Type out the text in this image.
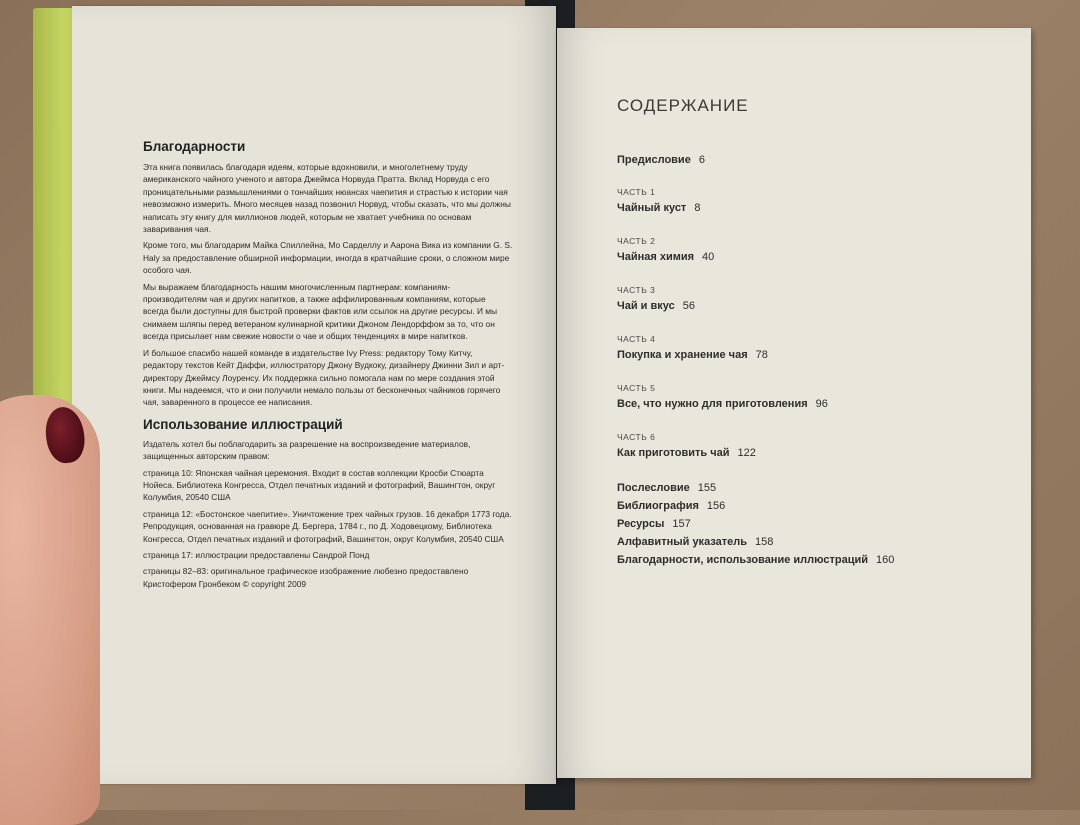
Благодарности

Эта книга появилась благодаря идеям, которые вдохновили, и многолетнему труду американского чайного ученого и автора Джеймса Норвуда Пратта. Вклад Норвуда с его проницательными размышлениями о тончайших нюансах чаепития и страстью к истории чая невозможно измерить. Много месяцев назад позвонил Норвуд, чтобы сказать, что мы должны написать эту книгу для миллионов людей, которым не хватает учебника по основам заваривания чая.

Кроме того, мы благодарим Майка Спиллейна, Мо Сарделлу и Аарона Вика из компании G. S. Haly за предоставление обширной информации, иногда в кратчайшие сроки, о сложном мире особого чая.

Мы выражаем благодарность нашим многочисленным партнерам: компаниям-производителям чая и других напитков, а также аффилированным компаниям, которые всегда были доступны для быстрой проверки фактов или ссылок на другие ресурсы. И мы снимаем шляпы перед ветераном кулинарной критики Джоном Лендорффом за то, что он всегда присылает нам свежие новости о чае и общих тенденциях в мире напитков.

И большое спасибо нашей команде в издательстве Ivy Press: редактору Тому Китчу, редактору текстов Кейт Даффи, иллюстратору Джону Вудкоку, дизайнеру Джинни Зил и арт-директору Джеймсу Лоуренсу. Их поддержка сильно помогала нам по мере создания этой книги. Мы надеемся, что и они получили немало пользы от бесконечных чайников горячего чая, заваренного в процессе ее написания.

Использование иллюстраций

Издатель хотел бы поблагодарить за разрешение на воспроизведение материалов, защищенных авторским правом:

страница 10: Японская чайная церемония. Входит в состав коллекции Кросби Стюарта Нойеса. Библиотека Конгресса, Отдел печатных изданий и фотографий, Вашингтон, округ Колумбия, 20540 США

страница 12: «Бостонское чаепитие». Уничтожение трех чайных грузов. 16 декабря 1773 года. Репродукция, основанная на гравюре Д. Бергера, 1784 г., по Д. Ходовецкому, Библиотека Конгресса, Отдел печатных изданий и фотографий, Вашингтон, округ Колумбия, 20540 США

страница 17: иллюстрации предоставлены Сандрой Понд

страницы 82–83: оригинальное графическое изображение любезно предоставлено Кристофером Гронбеком © copyright 2009

СОДЕРЖАНИЕ
Предисловие 6
ЧАСТЬ 1
Чайный куст 8
ЧАСТЬ 2
Чайная химия 40
ЧАСТЬ 3
Чай и вкус 56
ЧАСТЬ 4
Покупка и хранение чая 78
ЧАСТЬ 5
Все, что нужно для приготовления 96
ЧАСТЬ 6
Как приготовить чай 122
Послесловие 155
Библиография 156
Ресурсы 157
Алфавитный указатель 158
Благодарности, использование иллюстраций 160
